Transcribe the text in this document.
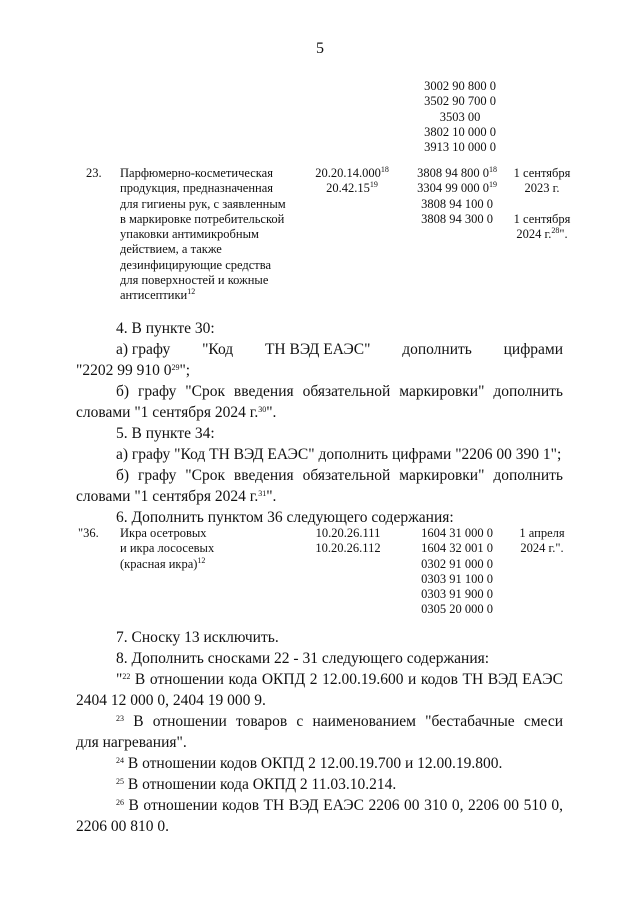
5
3002 90 800 0
3502 90 700 0
3503 00
3802 10 000 0
3913 10 000 0
23. Парфюмерно-косметическая
продукция, предназначенная
для гигиены рук, с заявленным
в маркировке потребительской
упаковки антимикробным
действием, а также
дезинфицирующие средства
для поверхностей и кожные
антисептики$^{12}$
20.20.14.000$^{18}$
20.42.15$^{19}$
3808 94 800 $0^{18}$
3304 99 000 $0^{19}$
3808 94 100 0
3808 94 300 0
1 сентября
2023 г.
1 сентября
2024 г.$^{28}$".
4. В пункте 30:
а) графу "Код ТН ВЭД ЕАЭС" дополнить цифрами
"2202 99 910 $0^{29}$";
б) графу "Срок введения обязательной маркировки" дополнить
словами "1 сентября 2024 г.$^{30}$".
5. В пункте 34:
а) графу "Код ТН ВЭД ЕАЭС" дополнить цифрами "2206 00 390 1";
б) графу "Срок введения обязательной маркировки" дополнить
словами "1 сентября 2024 г.$^{31}$".
6. Дополнить пунктом 36 следующего содержания:
"36. Икра осетровых
и икра лососевых
(красная икра)$^{12}$
10.20.26.111
10.20.26.112
1604 31 000 0
1604 32 001 0
0302 91 000 0
0303 91 100 0
0303 91 900 0
0305 20 000 0
1 апреля
2024 г.".
7. Сноску 13 исключить.
8. Дополнить сносками 22 - 31 следующего содержания:
"$^{22}$ В отношении кода ОКПД 2 12.00.19.600 и кодов ТН ВЭД ЕАЭС
2404 12 000 0, 2404 19 000 9.
$^{23}$ В отношении товаров с наименованием "бестабачные смеси
для нагревания".
$^{24}$ В отношении кодов ОКПД 2 12.00.19.700 и 12.00.19.800.
$^{25}$ В отношении кода ОКПД 2 11.03.10.214.
$^{26}$ В отношении кодов ТН ВЭД ЕАЭС 2206 00 310 0, 2206 00 510 0,
2206 00 810 0.
